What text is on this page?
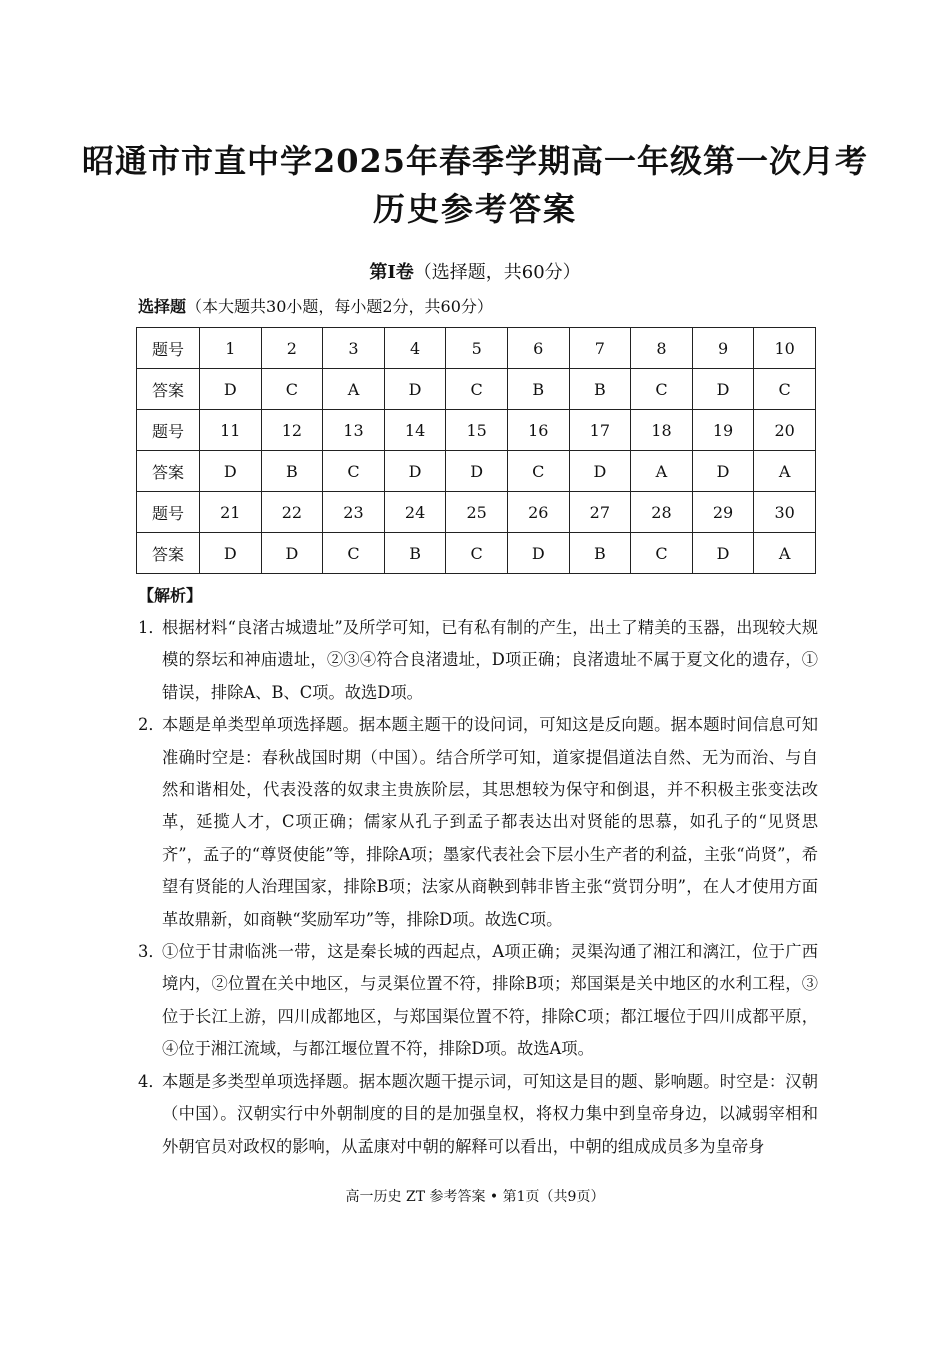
昭通市市直中学2025年春季学期高一年级第一次月考
历史参考答案
第Ⅰ卷（选择题，共60分）
选择题（本大题共30小题，每小题2分，共60分）
题号	1	2	3	4	5	6	7	8	9	10
答案	D	C	A	D	C	B	B	C	D	C
题号	11	12	13	14	15	16	17	18	19	20
答案	D	B	C	D	D	C	D	A	D	A
题号	21	22	23	24	25	26	27	28	29	30
答案	D	D	C	B	C	D	B	C	D	A
【解析】
1．
根据材料“良渚古城遗址”及所学可知，已有私有制的产生，出土了精美的玉器，出现较大规模的祭坛和神庙遗址，②③④符合良渚遗址，D项正确；良渚遗址不属于夏文化的遗存，①错误，排除A、B、C项。故选D项。
2．
本题是单类型单项选择题。据本题主题干的设问词，可知这是反向题。据本题时间信息可知准确时空是：春秋战国时期（中国）。结合所学可知，道家提倡道法自然、无为而治、与自然和谐相处，代表没落的奴隶主贵族阶层，其思想较为保守和倒退，并不积极主张变法改革，延揽人才，C项正确；儒家从孔子到孟子都表达出对贤能的思慕，如孔子的“见贤思齐”，孟子的“尊贤使能”等，排除A项；墨家代表社会下层小生产者的利益，主张“尚贤”，希望有贤能的人治理国家，排除B项；法家从商鞅到韩非皆主张“赏罚分明”，在人才使用方面革故鼎新，如商鞅“奖励军功”等，排除D项。故选C项。
3．
①位于甘肃临洮一带，这是秦长城的西起点，A项正确；灵渠沟通了湘江和漓江，位于广西境内，②位置在关中地区，与灵渠位置不符，排除B项；郑国渠是关中地区的水利工程，③位于长江上游，四川成都地区，与郑国渠位置不符，排除C项；都江堰位于四川成都平原，④位于湘江流域，与都江堰位置不符，排除D项。故选A项。
4．
本题是多类型单项选择题。据本题次题干提示词，可知这是目的题、影响题。时空是：汉朝（中国）。汉朝实行中外朝制度的目的是加强皇权，将权力集中到皇帝身边，以减弱宰相和外朝官员对政权的影响，从孟康对中朝的解释可以看出，中朝的组成成员多为皇帝身
高一历史 ZT 参考答案 • 第1页（共9页）
